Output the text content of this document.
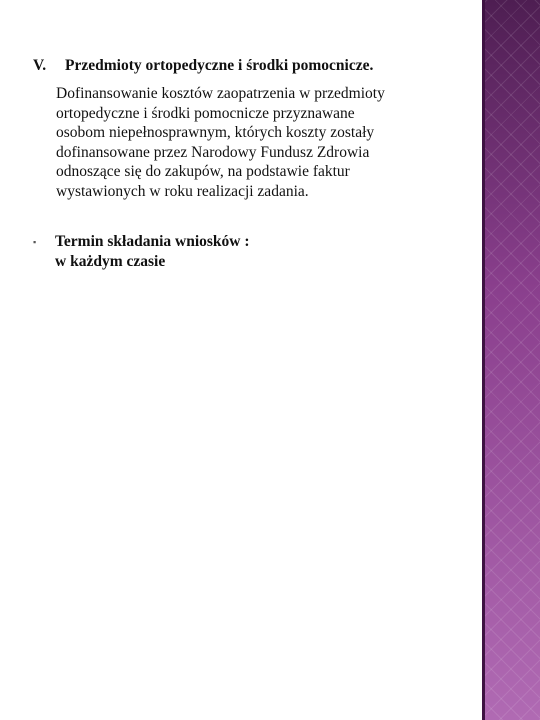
V. Przedmioty ortopedyczne i środki pomocnicze.
Dofinansowanie kosztów zaopatrzenia w przedmioty
ortopedyczne i środki pomocnicze przyznawane
osobom niepełnosprawnym, których koszty zostały
dofinansowane przez Narodowy Fundusz Zdrowia
odnoszące się do zakupów, na podstawie faktur
wystawionych w roku realizacji zadania.
▪ Termin składania wniosków :
w każdym czasie
